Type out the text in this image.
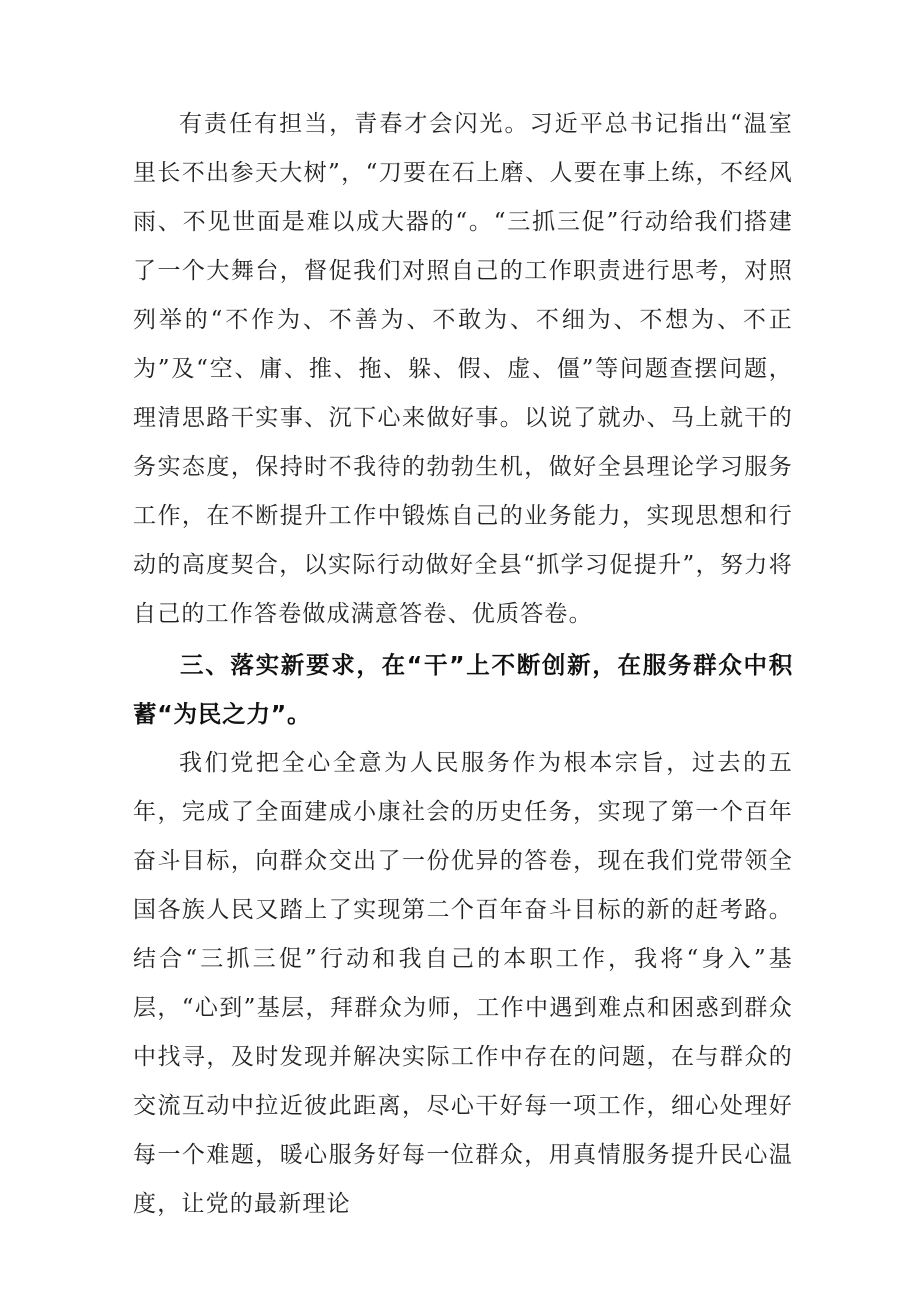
有责任有担当，青春才会闪光。习近平总书记指出“温室里长不出参天大树”，“刀要在石上磨、人要在事上练，不经风雨、不见世面是难以成大器的“。“三抓三促”行动给我们搭建了一个大舞台，督促我们对照自己的工作职责进行思考，对照列举的“不作为、不善为、不敢为、不细为、不想为、不正为”及“空、庸、推、拖、躲、假、虚、僵”等问题查摆问题，理清思路干实事、沉下心来做好事。以说了就办、马上就干的务实态度，保持时不我待的勃勃生机，做好全县理论学习服务工作，在不断提升工作中锻炼自己的业务能力，实现思想和行动的高度契合，以实际行动做好全县“抓学习促提升”，努力将自己的工作答卷做成满意答卷、优质答卷。

三、落实新要求，在“干”上不断创新，在服务群众中积蓄“为民之力”。

我们党把全心全意为人民服务作为根本宗旨，过去的五年，完成了全面建成小康社会的历史任务，实现了第一个百年奋斗目标，向群众交出了一份优异的答卷，现在我们党带领全国各族人民又踏上了实现第二个百年奋斗目标的新的赶考路。结合“三抓三促”行动和我自己的本职工作，我将“身入”基层，“心到”基层，拜群众为师，工作中遇到难点和困惑到群众中找寻，及时发现并解决实际工作中存在的问题，在与群众的交流互动中拉近彼此距离，尽心干好每一项工作，细心处理好每一个难题，暖心服务好每一位群众，用真情服务提升民心温度，让党的最新理论
